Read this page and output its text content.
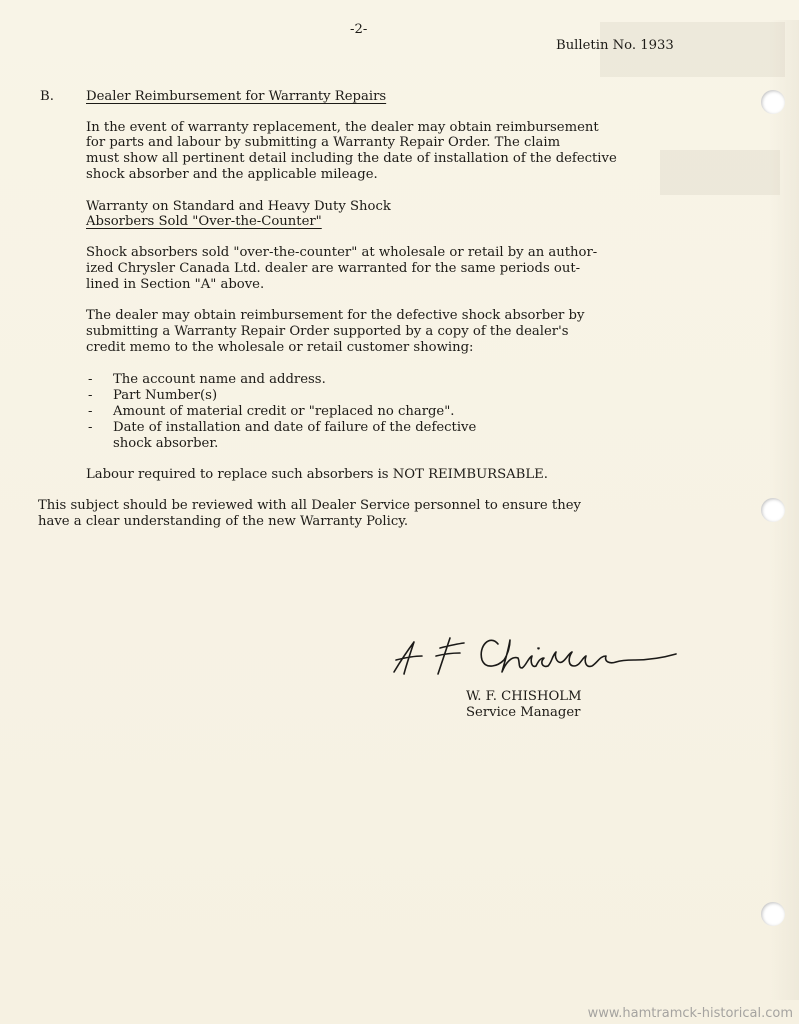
-2-
Bulletin No. 1933
B. Dealer Reimbursement for Warranty Repairs
In the event of warranty replacement, the dealer may obtain reimbursement
for parts and labour by submitting a Warranty Repair Order. The claim
must show all pertinent detail including the date of installation of the defective
shock absorber and the applicable mileage.
Warranty on Standard and Heavy Duty Shock
Absorbers Sold "Over-the-Counter"
Shock absorbers sold "over-the-counter" at wholesale or retail by an author-
ized Chrysler Canada Ltd. dealer are warranted for the same periods out-
lined in Section "A" above.
The dealer may obtain reimbursement for the defective shock absorber by
submitting a Warranty Repair Order supported by a copy of the dealer's
credit memo to the wholesale or retail customer showing:
- The account name and address.
- Part Number(s)
- Amount of material credit or "replaced no charge".
- Date of installation and date of failure of the defective
shock absorber.
Labour required to replace such absorbers is NOT REIMBURSABLE.
This subject should be reviewed with all Dealer Service personnel to ensure they
have a clear understanding of the new Warranty Policy.
W. F. CHISHOLM
Service Manager
www.hamtramck-historical.com
